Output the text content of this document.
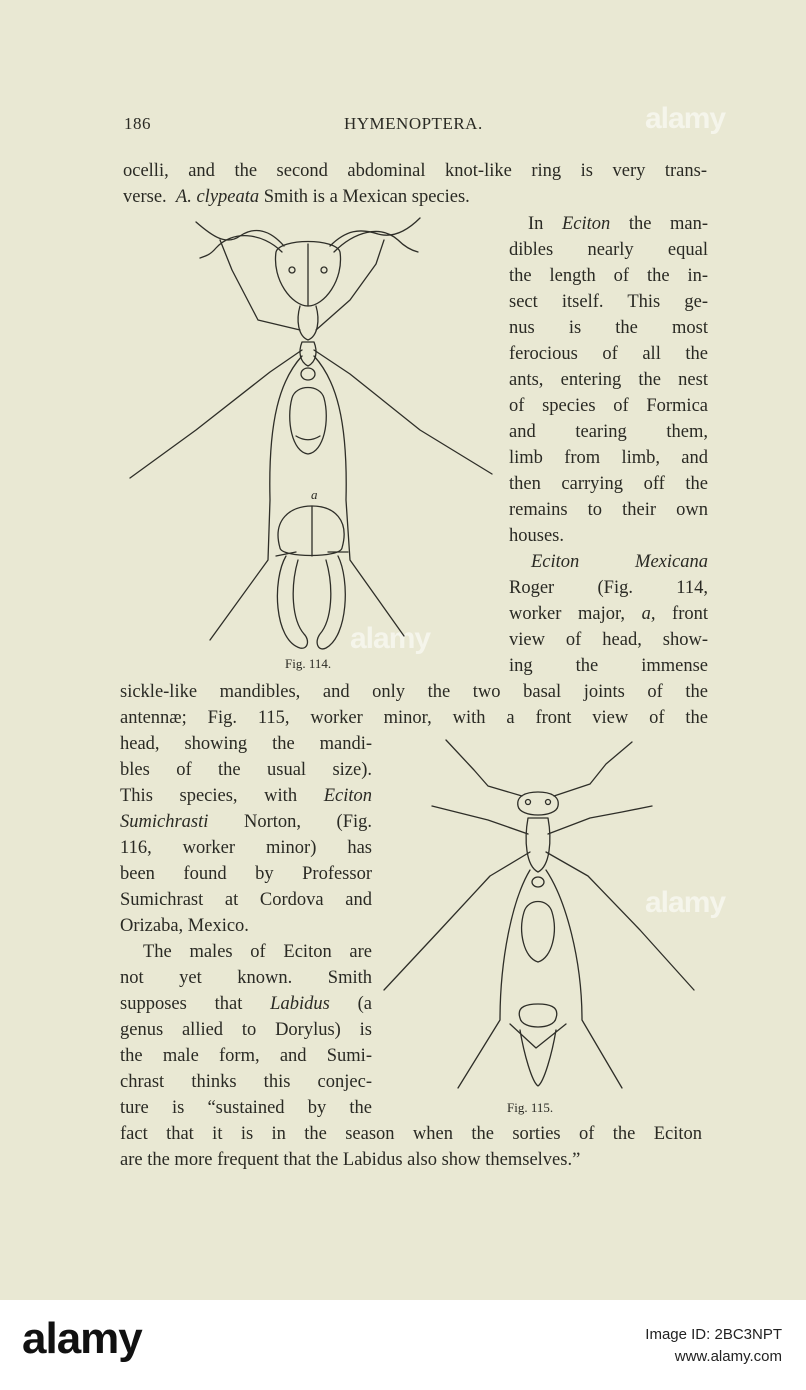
alamy
alamy
alamy
186	HYMENOPTERA.
ocelli, and the second abdominal knot-like ring is very trans-
verse. A. clypeata Smith is a Mexican species.
In Eciton the man-
dibles nearly equal
the length of the in-
sect itself. This ge-
nus is the most
ferocious of all the
ants, entering the nest
of species of Formica
and tearing them,
limb from limb, and
then carrying off the
remains to their own
houses.
Eciton Mexicana
Roger (Fig. 114,
worker major, a, front
view of head, show-
ing the immense
sickle-like mandibles, and only the two basal joints of the
antennæ; Fig. 115, worker minor, with a front view of the
head, showing the mandi-
bles of the usual size).
This species, with Eciton
Sumichrasti Norton, (Fig.
116, worker minor) has
been found by Professor
Sumichrast at Cordova and
Orizaba, Mexico.
The males of Eciton are
not yet known. Smith
supposes that Labidus (a
genus allied to Dorylus) is
the male form, and Sumi-
chrast thinks this conjec-
ture is “sustained by the
fact that it is in the season when the sorties of the Eciton
are the more frequent that the Labidus also show themselves.”
a
Fig. 114.
Fig. 115.
alamy	Image ID: 2BC3NPT
www.alamy.com
